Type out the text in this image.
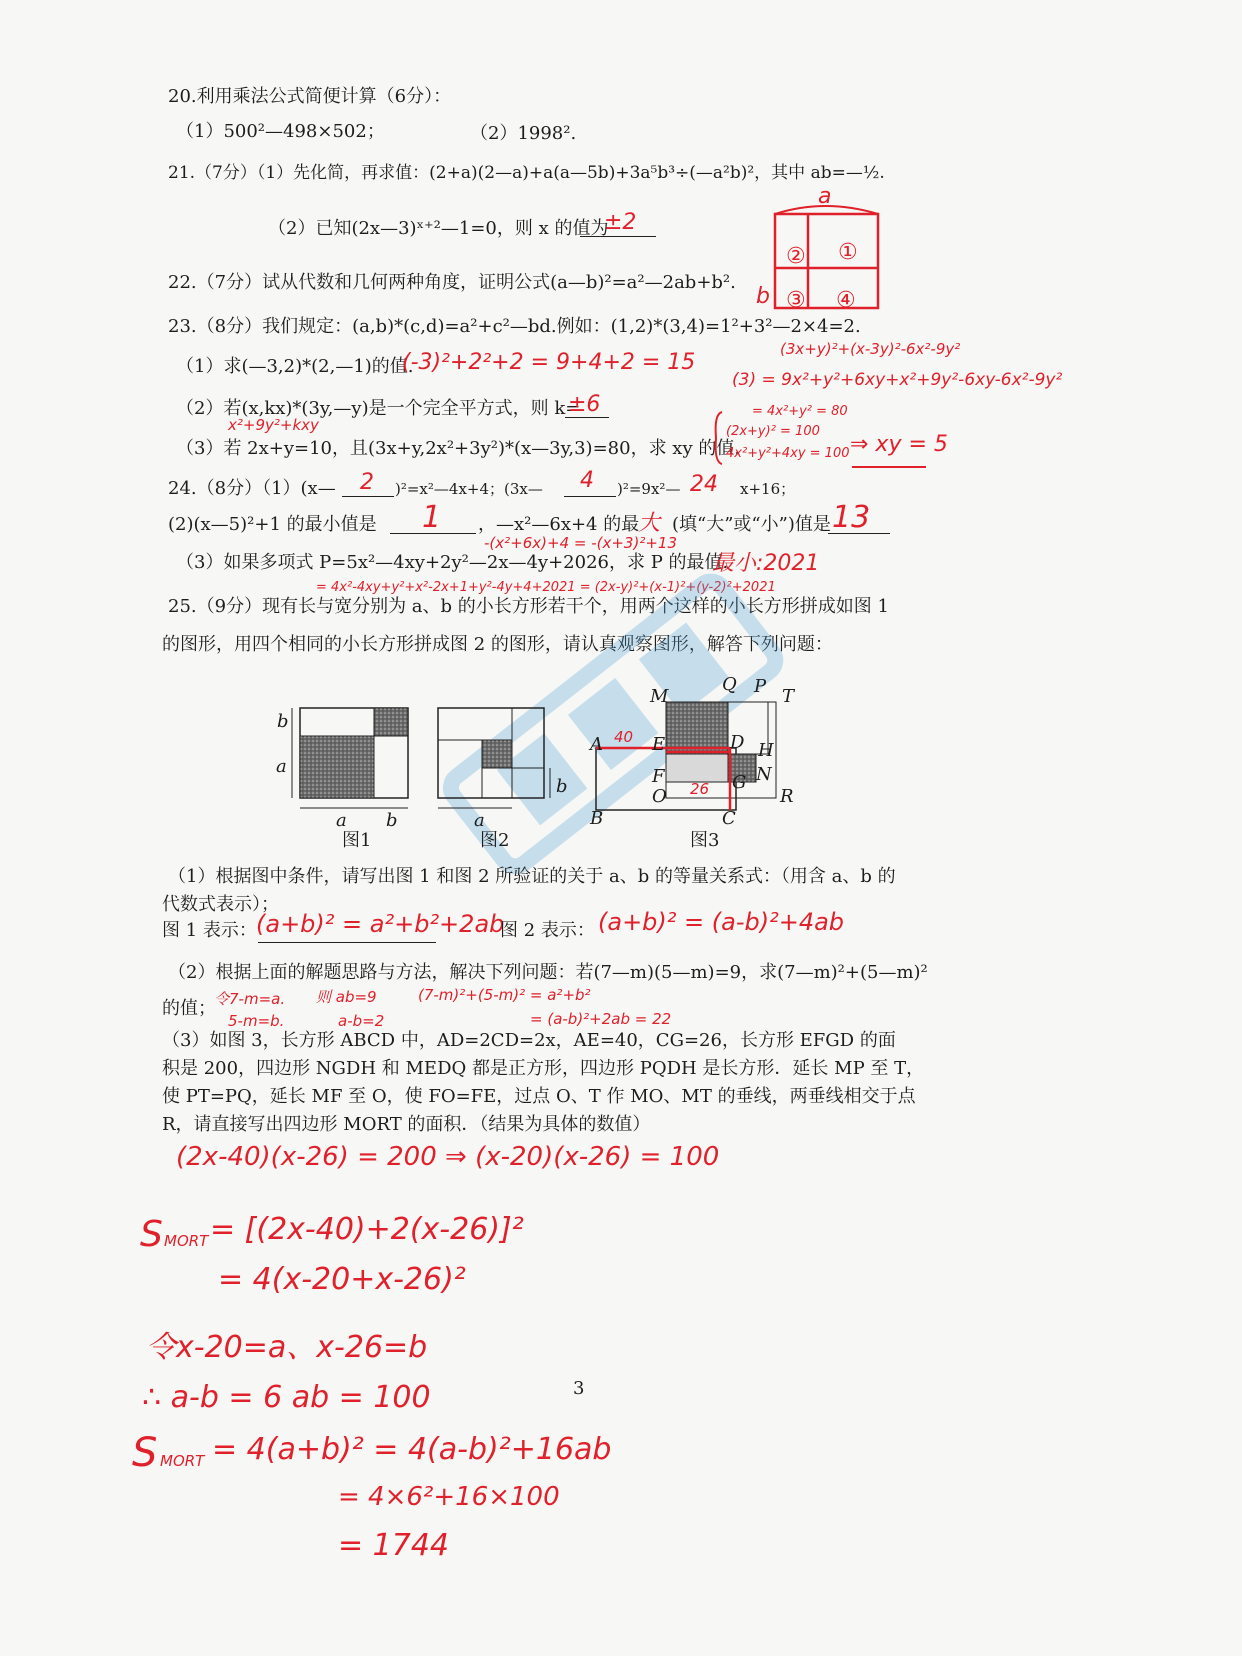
20.利用乘法公式简便计算（6分）：
（1）500²—498×502；	（2）1998².
21.（7分）（1）先化简，再求值：(2+a)(2—a)+a(a—5b)+3a⁵b³÷(—a²b)²，其中 ab=—½.
（2）已知(2x—3)ˣ⁺²—1=0，则 x 的值为
±2
22.（7分）试从代数和几何两种角度，证明公式(a—b)²=a²—2ab+b².
a
b
② ①
③ ④
23.（8分）我们规定：(a,b)*(c,d)=a²+c²—bd.例如：(1,2)*(3,4)=1²+3²—2×4=2.
（1）求(—3,2)*(2,—1)的值.
(-3)²+2²+2 = 9+4+2 = 15
（2）若(x,kx)*(3y,—y)是一个完全平方式，则 k=
±6
x²+9y²+kxy
（3）若 2x+y=10，且(3x+y,2x²+3y²)*(x—3y,3)=80，求 xy 的值.
(3x+y)²+(x-3y)²-6x²-9y²
(3) = 9x²+y²+6xy+x²+9y²-6xy-6x²-9y²
= 4x²+y² = 80
(2x+y)² = 100
4x²+y²+4xy = 100 ⇒ xy = 5
24.（8分）（1）(x— 2 )²=x²—4x+4；(3x— 4 )²=9x²— 24 x+16；
(2)(x—5)²+1 的最小值是 1 ，—x²—6x+4 的最
大 (填“大”或“小”)值是 13
-(x²+6x)+4 = -(x+3)²+13
（3）如果多项式 P=5x²—4xy+2y²—2x—4y+2026，求 P 的最值.
最小:2021
= 4x²-4xy+y²+x²-2x+1+y²-4y+4+2021 = (2x-y)²+(x-1)²+(y-2)²+2021
25.（9分）现有长与宽分别为 a、b 的小长方形若干个，用两个这样的小长方形拼成如图 1
的图形，用四个相同的小长方形拼成图 2 的图形，请认真观察图形，解答下列问题：
b
a
a b
图1
b
a
图2
M
Q P T
A	E	D H
F	G N
O	R
B	C
40
26
图3
（1）根据图中条件，请写出图 1 和图 2 所验证的关于 a、b 的等量关系式：（用含 a、b 的
代数式表示）；
图 1 表示： (a+b)² = a²+b²+2ab
图 2 表示： (a+b)² = (a-b)²+4ab
（2）根据上面的解题思路与方法，解决下列问题：若(7—m)(5—m)=9，求(7—m)²+(5—m)²
的值；
令7-m=a.
5-m=b.
则 ab=9
a-b=2
(7-m)²+(5-m)² = a²+b²
= (a-b)²+2ab = 22
（3）如图 3，长方形 ABCD 中，AD=2CD=2x，AE=40，CG=26，长方形 EFGD 的面
积是 200，四边形 NGDH 和 MEDQ 都是正方形，四边形 PQDH 是长方形．延长 MP 至 T，
使 PT=PQ，延长 MF 至 O，使 FO=FE，过点 O、T 作 MO、MT 的垂线，两垂线相交于点
R，请直接写出四边形 MORT 的面积．（结果为具体的数值）
(2x-40)(x-26) = 200 ⇒ (x-20)(x-26) = 100
S MORT = [(2x-40)+2(x-26)]²
= 4(x-20+x-26)²
3
令x-20=a、x-26=b
∴ a-b = 6 ab = 100
S MORT = 4(a+b)² = 4(a-b)²+16ab
= 4×6²+16×100
= 1744
